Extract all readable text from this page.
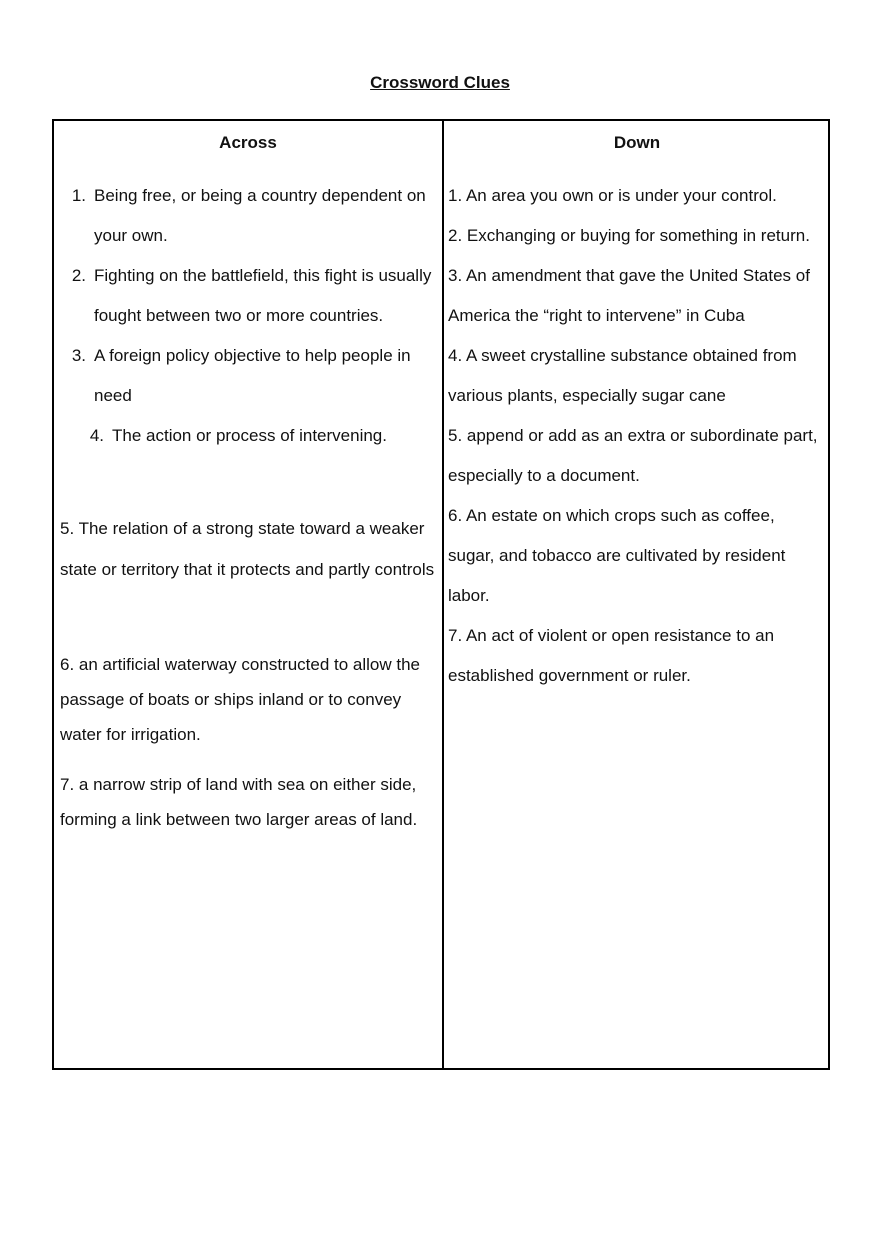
Crossword Clues
Across	Down
1. Being free, or being a country dependent on your own.
2. Fighting on the battlefield, this fight is usually fought between two or more countries.
3. A foreign policy objective to help people in need
4. The action or process of intervening.

5. The relation of a strong state toward a weaker state or territory that it protects and partly controls

6. an artificial waterway constructed to allow the passage of boats or ships inland or to convey water for irrigation.

7. a narrow strip of land with sea on either side, forming a link between two larger areas of land.

1. An area you own or is under your control.

2. Exchanging or buying for something in return.

3. An amendment that gave the United States of America the “right to intervene” in Cuba

4. A sweet crystalline substance obtained from various plants, especially sugar cane

5. append or add as an extra or subordinate part, especially to a document.

6. An estate on which crops such as coffee, sugar, and tobacco are cultivated by resident labor.

7. An act of violent or open resistance to an established government or ruler.
